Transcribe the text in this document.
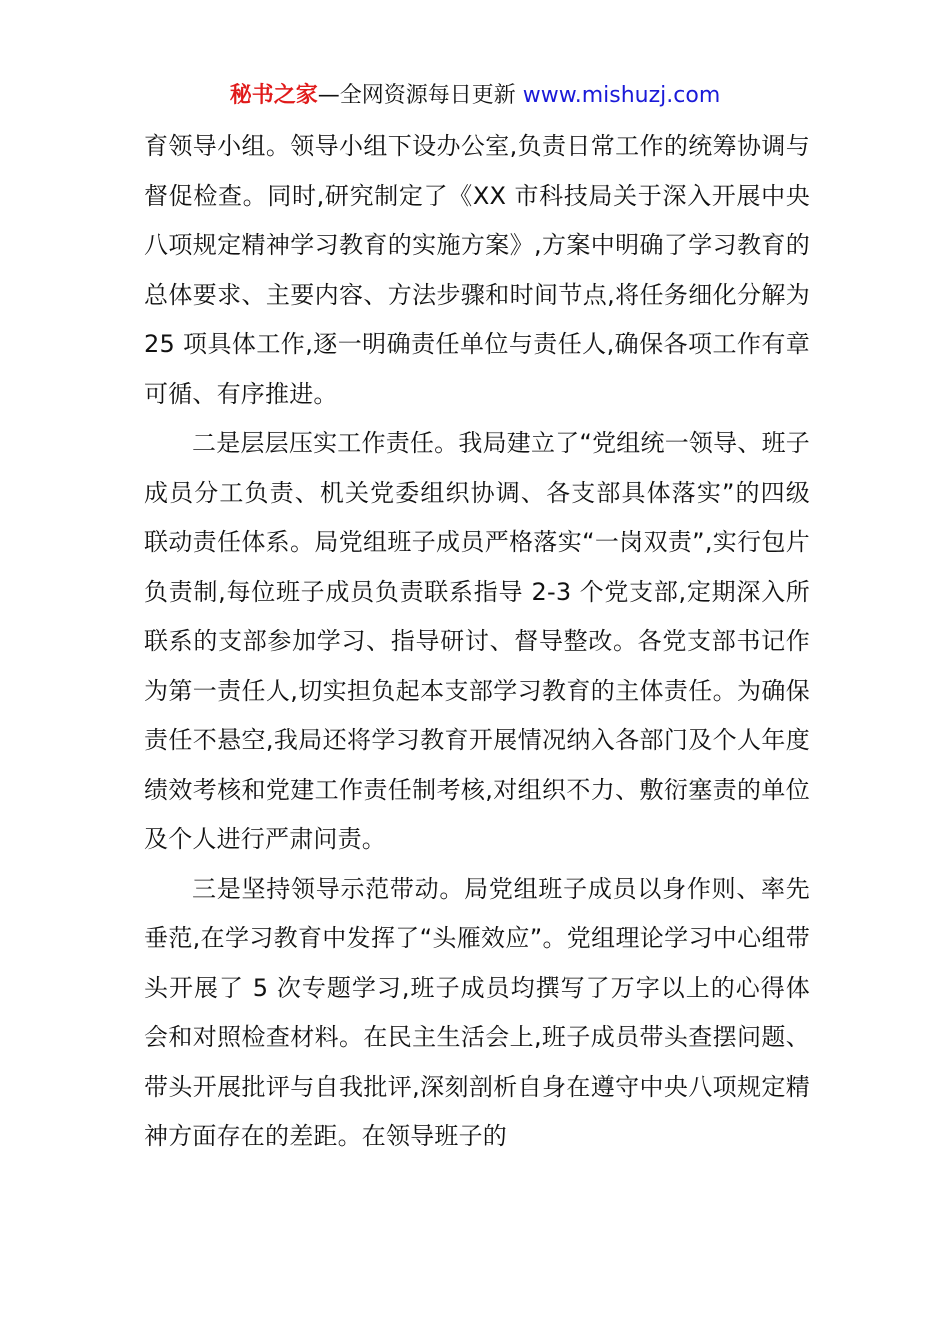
秘书之家—全网资源每日更新 www.mishuzj.com

育领导小组。领导小组下设办公室,负责日常工作的统筹协调与督促检查。同时,研究制定了《XX 市科技局关于深入开展中央八项规定精神学习教育的实施方案》,方案中明确了学习教育的总体要求、主要内容、方法步骤和时间节点,将任务细化分解为 25 项具体工作,逐一明确责任单位与责任人,确保各项工作有章可循、有序推进。

二是层层压实工作责任。我局建立了“党组统一领导、班子成员分工负责、机关党委组织协调、各支部具体落实”的四级联动责任体系。局党组班子成员严格落实“一岗双责”,实行包片负责制,每位班子成员负责联系指导 2-3 个党支部,定期深入所联系的支部参加学习、指导研讨、督导整改。各党支部书记作为第一责任人,切实担负起本支部学习教育的主体责任。为确保责任不悬空,我局还将学习教育开展情况纳入各部门及个人年度绩效考核和党建工作责任制考核,对组织不力、敷衍塞责的单位及个人进行严肃问责。

三是坚持领导示范带动。局党组班子成员以身作则、率先垂范,在学习教育中发挥了“头雁效应”。党组理论学习中心组带头开展了 5 次专题学习,班子成员均撰写了万字以上的心得体会和对照检查材料。在民主生活会上,班子成员带头查摆问题、带头开展批评与自我批评,深刻剖析自身在遵守中央八项规定精神方面存在的差距。在领导班子的
